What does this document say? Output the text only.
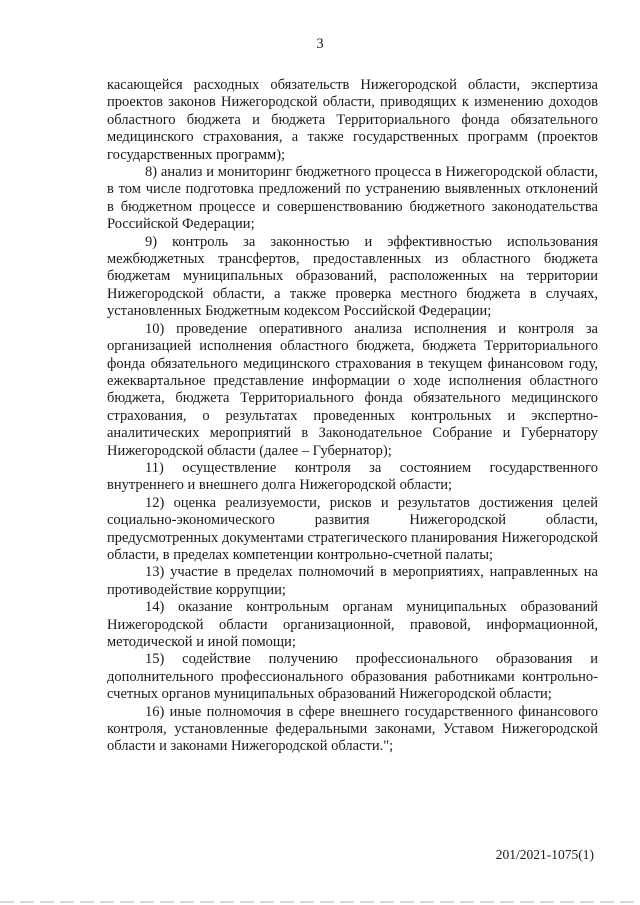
3

касающейся расходных обязательств Нижегородской области, экспертиза проектов законов Нижегородской области, приводящих к изменению доходов областного бюджета и бюджета Территориального фонда обязательного медицинского страхования, а также государственных программ (проектов государственных программ);

8) анализ и мониторинг бюджетного процесса в Нижегородской области, в том числе подготовка предложений по устранению выявленных отклонений в бюджетном процессе и совершенствованию бюджетного законодательства Российской Федерации;

9) контроль за законностью и эффективностью использования межбюджетных трансфертов, предоставленных из областного бюджета бюджетам муниципальных образований, расположенных на территории Нижегородской области, а также проверка местного бюджета в случаях, установленных Бюджетным кодексом Российской Федерации;

10) проведение оперативного анализа исполнения и контроля за организацией исполнения областного бюджета, бюджета Территориального фонда обязательного медицинского страхования в текущем финансовом году, ежеквартальное представление информации о ходе исполнения областного бюджета, бюджета Территориального фонда обязательного медицинского страхования, о результатах проведенных контрольных и экспертно-аналитических мероприятий в Законодательное Собрание и Губернатору Нижегородской области (далее – Губернатор);

11) осуществление контроля за состоянием государственного внутреннего и внешнего долга Нижегородской области;

12) оценка реализуемости, рисков и результатов достижения целей социально-экономического развития Нижегородской области, предусмотренных документами стратегического планирования Нижегородской области, в пределах компетенции контрольно-счетной палаты;

13) участие в пределах полномочий в мероприятиях, направленных на противодействие коррупции;

14) оказание контрольным органам муниципальных образований Нижегородской области организационной, правовой, информационной, методической и иной помощи;

15) содействие получению профессионального образования и дополнительного профессионального образования работниками контрольно-счетных органов муниципальных образований Нижегородской области;

16) иные полномочия в сфере внешнего государственного финансового контроля, установленные федеральными законами, Уставом Нижегородской области и законами Нижегородской области.";

201/2021-1075(1)
